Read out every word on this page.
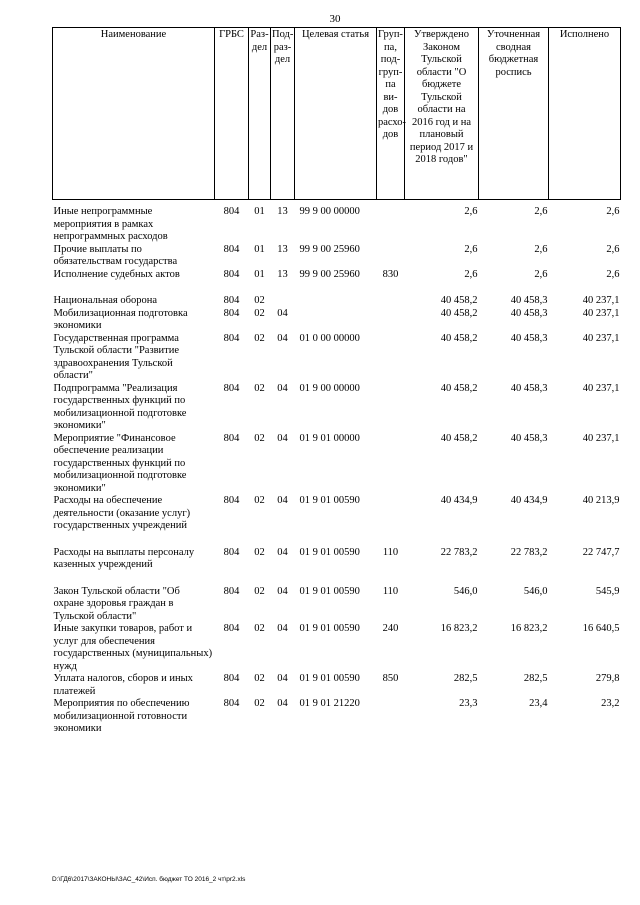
30
Наименование	ГРБС	Раз-дел	Под-раз-дел	Целевая статья	Груп-па, под-груп-па ви-дов расхо-дов	Утверждено Законом Тульской области "О бюджете Тульской области на 2016 год и на плановый период 2017 и 2018 годов"	Уточненная сводная бюджетная роспись	Исполнено

Иные непрограммные мероприятия в рамках непрограммных расходов	804	01	13	99 9 00 00000		2,6	2,6	2,6
Прочие выплаты по обязательствам государства	804	01	13	99 9 00 25960		2,6	2,6	2,6
Исполнение судебных актов	804	01	13	99 9 00 25960	830	2,6	2,6	2,6

Национальная оборона	804	02				40 458,2	40 458,3	40 237,1
Мобилизационная подготовка экономики	804	02	04			40 458,2	40 458,3	40 237,1
Государственная программа Тульской области "Развитие здравоохранения Тульской области"	804	02	04	01 0 00 00000		40 458,2	40 458,3	40 237,1
Подпрограмма "Реализация государственных функций по мобилизационной подготовке экономики"	804	02	04	01 9 00 00000		40 458,2	40 458,3	40 237,1
Мероприятие "Финансовое обеспечение реализации государственных функций по мобилизационной подготовке экономики"	804	02	04	01 9 01 00000		40 458,2	40 458,3	40 237,1
Расходы на обеспечение деятельности (оказание услуг) государственных учреждений	804	02	04	01 9 01 00590		40 434,9	40 434,9	40 213,9

Расходы на выплаты персоналу казенных учреждений	804	02	04	01 9 01 00590	110	22 783,2	22 783,2	22 747,7

Закон Тульской области "Об охране здоровья граждан в Тульской области"	804	02	04	01 9 01 00590	110	546,0	546,0	545,9
Иные закупки товаров, работ и услуг для обеспечения государственных (муниципальных) нужд	804	02	04	01 9 01 00590	240	16 823,2	16 823,2	16 640,5
Уплата налогов, сборов и иных платежей	804	02	04	01 9 01 00590	850	282,5	282,5	279,8
Мероприятия по обеспечению мобилизационной готовности экономики	804	02	04	01 9 01 21220		23,3	23,4	23,2
D:\ГД6\2017\ЗАКОНЫ\ЗАС_42\Исп. бюджет ТО 2016_2 чт\pr2.xls
